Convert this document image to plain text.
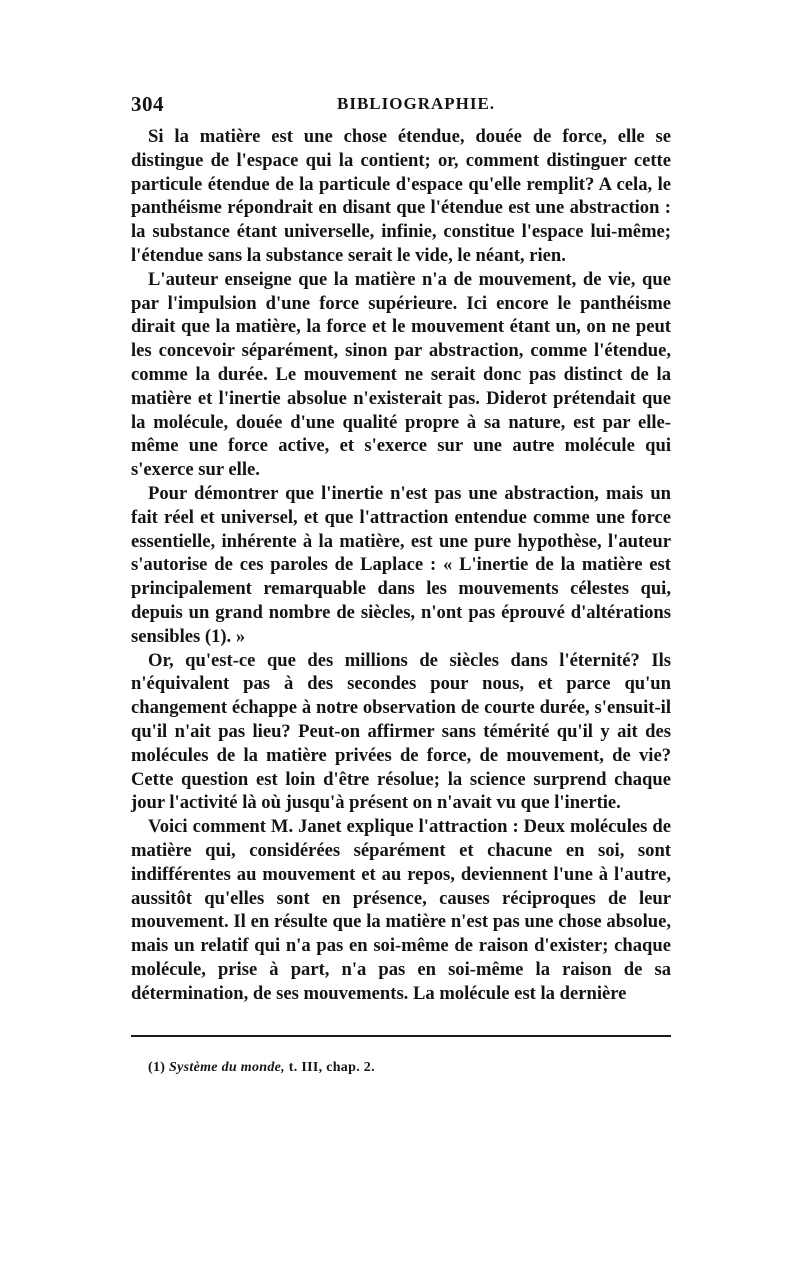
304	BIBLIOGRAPHIE.

Si la matière est une chose étendue, douée de force, elle se distingue de l'espace qui la contient; or, comment distinguer cette particule étendue de la particule d'espace qu'elle remplit? A cela, le panthéisme répondrait en disant que l'étendue est une abstraction : la substance étant universelle, infinie, constitue l'espace lui-même; l'étendue sans la substance serait le vide, le néant, rien.

L'auteur enseigne que la matière n'a de mouvement, de vie, que par l'impulsion d'une force supérieure. Ici encore le panthéisme dirait que la matière, la force et le mouvement étant un, on ne peut les concevoir séparément, sinon par abstraction, comme l'étendue, comme la durée. Le mouvement ne serait donc pas distinct de la matière et l'inertie absolue n'existerait pas. Diderot prétendait que la molécule, douée d'une qualité propre à sa nature, est par elle-même une force active, et s'exerce sur une autre molécule qui s'exerce sur elle.

Pour démontrer que l'inertie n'est pas une abstraction, mais un fait réel et universel, et que l'attraction entendue comme une force essentielle, inhérente à la matière, est une pure hypothèse, l'auteur s'autorise de ces paroles de Laplace : « L'inertie de la matière est principalement remarquable dans les mouvements célestes qui, depuis un grand nombre de siècles, n'ont pas éprouvé d'altérations sensibles (1). »

Or, qu'est-ce que des millions de siècles dans l'éternité? Ils n'équivalent pas à des secondes pour nous, et parce qu'un changement échappe à notre observation de courte durée, s'ensuit-il qu'il n'ait pas lieu? Peut-on affirmer sans témérité qu'il y ait des molécules de la matière privées de force, de mouvement, de vie? Cette question est loin d'être résolue; la science surprend chaque jour l'activité là où jusqu'à présent on n'avait vu que l'inertie.

Voici comment M. Janet explique l'attraction : Deux molécules de matière qui, considérées séparément et chacune en soi, sont indifférentes au mouvement et au repos, deviennent l'une à l'autre, aussitôt qu'elles sont en présence, causes réciproques de leur mouvement. Il en résulte que la matière n'est pas une chose absolue, mais un relatif qui n'a pas en soi-même de raison d'exister; chaque molécule, prise à part, n'a pas en soi-même la raison de sa détermination, de ses mouvements. La molécule est la dernière

(1) Système du monde, t. III, chap. 2.
